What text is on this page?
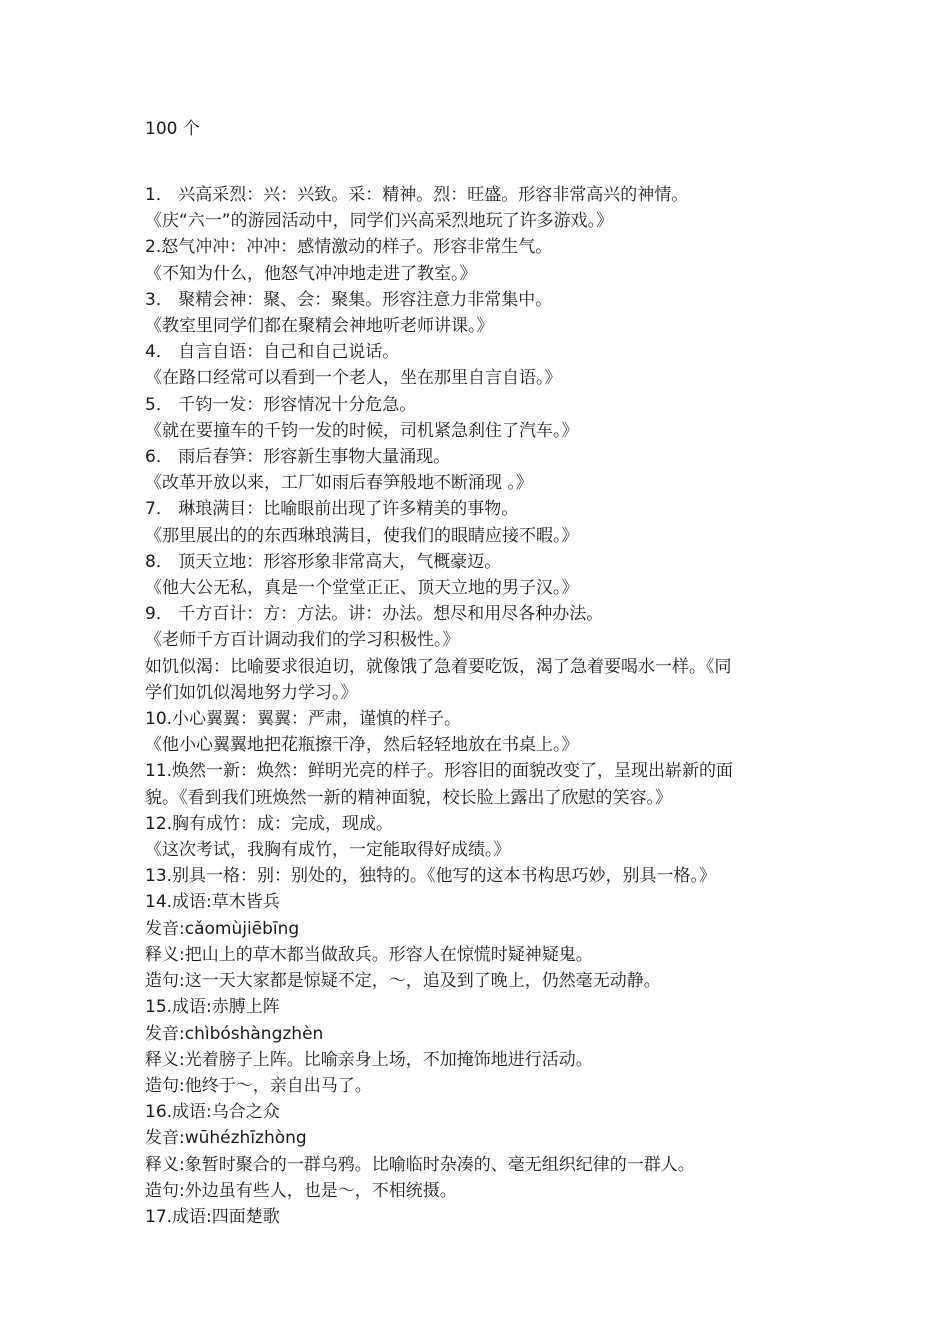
100 个
1． 兴高采烈：兴：兴致。采：精神。烈：旺盛。形容非常高兴的神情。
《庆“六一”的游园活动中，同学们兴高采烈地玩了许多游戏。》
2.怒气冲冲：冲冲：感情激动的样子。形容非常生气。
《不知为什么，他怒气冲冲地走进了教室。》
3． 聚精会神：聚、会：聚集。形容注意力非常集中。
《教室里同学们都在聚精会神地听老师讲课。》
4． 自言自语：自己和自己说话。
《在路口经常可以看到一个老人，坐在那里自言自语。》
5． 千钧一发：形容情况十分危急。
《就在要撞车的千钧一发的时候，司机紧急刹住了汽车。》
6． 雨后春笋：形容新生事物大量涌现。
《改革开放以来，工厂如雨后春笋般地不断涌现 。》
7． 琳琅满目：比喻眼前出现了许多精美的事物。
《那里展出的的东西琳琅满目，使我们的眼睛应接不暇。》
8． 顶天立地：形容形象非常高大，气概豪迈。
《他大公无私，真是一个堂堂正正、顶天立地的男子汉。》
9． 千方百计：方：方法。讲：办法。想尽和用尽各种办法。
《老师千方百计调动我们的学习积极性。》
如饥似渴：比喻要求很迫切，就像饿了急着要吃饭，渴了急着要喝水一样。《同
学们如饥似渴地努力学习。》
10.小心翼翼：翼翼：严肃，谨慎的样子。
《他小心翼翼地把花瓶擦干净，然后轻轻地放在书桌上。》
11.焕然一新：焕然：鲜明光亮的样子。形容旧的面貌改变了，呈现出崭新的面
貌。《看到我们班焕然一新的精神面貌，校长脸上露出了欣慰的笑容。》
12.胸有成竹：成：完成，现成。
《这次考试，我胸有成竹，一定能取得好成绩。》
13.别具一格：别：别处的，独特的。《他写的这本书构思巧妙，别具一格。》
14.成语:草木皆兵
发音:cǎomùjiēbīng
释义:把山上的草木都当做敌兵。形容人在惊慌时疑神疑鬼。
造句:这一天大家都是惊疑不定，～，追及到了晚上，仍然毫无动静。
15.成语:赤膊上阵
发音:chìbóshàngzhèn
释义:光着膀子上阵。比喻亲身上场，不加掩饰地进行活动。
造句:他终于～，亲自出马了。
16.成语:乌合之众
发音:wūhézhīzhòng
释义:象暂时聚合的一群乌鸦。比喻临时杂凑的、毫无组织纪律的一群人。
造句:外边虽有些人，也是～，不相统摄。
17.成语:四面楚歌
